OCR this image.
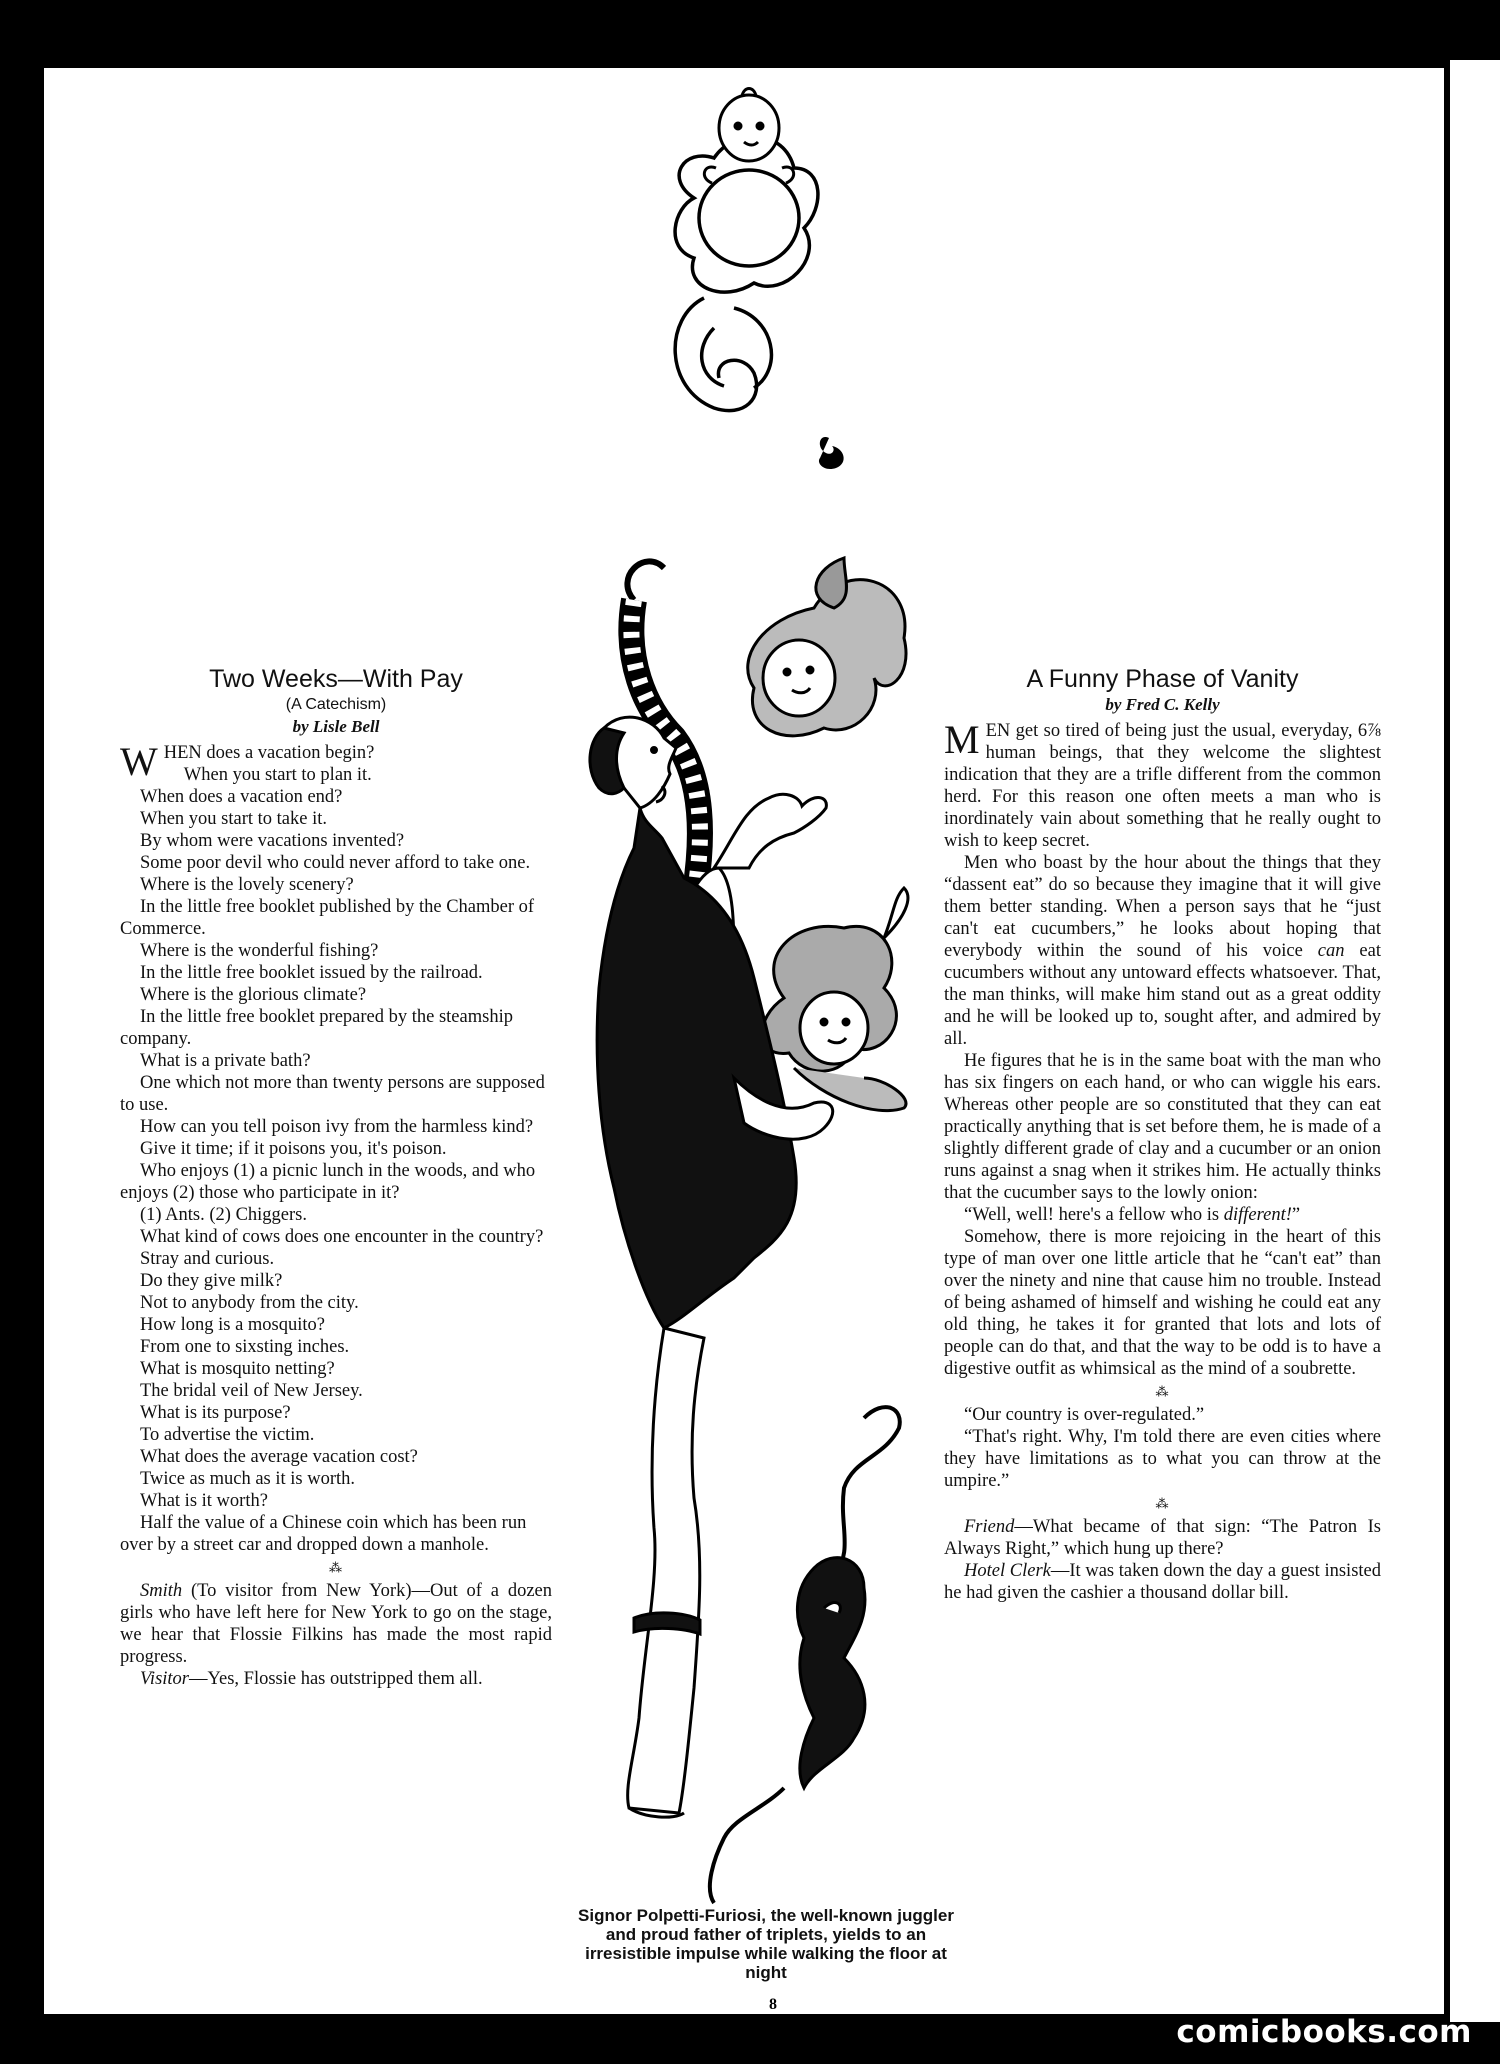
Two Weeks—With Pay

(A Catechism)

by Lisle Bell

W HEN does a vacation begin?
When you start to plan it.
When does a vacation end?
When you start to take it.
By whom were vacations invented?
Some poor devil who could never afford to take one.
Where is the lovely scenery?
In the little free booklet published by the Chamber of Commerce.
Where is the wonderful fishing?
In the little free booklet issued by the railroad.
Where is the glorious climate?
In the little free booklet prepared by the steamship company.
What is a private bath?
One which not more than twenty persons are supposed to use.
How can you tell poison ivy from the harmless kind?
Give it time; if it poisons you, it's poison.
Who enjoys (1) a picnic lunch in the woods, and who enjoys (2) those who participate in it?
(1) Ants. (2) Chiggers.
What kind of cows does one encounter in the country?
Stray and curious.
Do they give milk?
Not to anybody from the city.
How long is a mosquito?
From one to sixsting inches.
What is mosquito netting?
The bridal veil of New Jersey.
What is its purpose?
To advertise the victim.
What does the average vacation cost?
Twice as much as it is worth.
What is it worth?
Half the value of a Chinese coin which has been run over by a street car and dropped down a manhole.
⁂

Smith (To visitor from New York)—Out of a dozen girls who have left here for New York to go on the stage, we hear that Flossie Filkins has made the most rapid progress.

Visitor—Yes, Flossie has outstripped them all.

A Funny Phase of Vanity

by Fred C. Kelly

MEN get so tired of being just the usual, everyday, 6⅞ human beings, that they welcome the slightest indication that they are a trifle different from the common herd. For this reason one often meets a man who is inordinately vain about something that he really ought to wish to keep secret.

Men who boast by the hour about the things that they “dassent eat” do so because they imagine that it will give them better standing. When a person says that he “just can't eat cucumbers,” he looks about hoping that everybody within the sound of his voice can eat cucumbers without any untoward effects whatsoever. That, the man thinks, will make him stand out as a great oddity and he will be looked up to, sought after, and admired by all.

He figures that he is in the same boat with the man who has six fingers on each hand, or who can wiggle his ears. Whereas other people are so constituted that they can eat practically anything that is set before them, he is made of a slightly different grade of clay and a cucumber or an onion runs against a snag when it strikes him. He actually thinks that the cucumber says to the lowly onion:

“Well, well! here's a fellow who is different!”

Somehow, there is more rejoicing in the heart of this type of man over one little article that he “can't eat” than over the ninety and nine that cause him no trouble. Instead of being ashamed of himself and wishing he could eat any old thing, he takes it for granted that lots and lots of people can do that, and that the way to be odd is to have a digestive outfit as whimsical as the mind of a soubrette.

⁂

“Our country is over-regulated.”

“That's right. Why, I'm told there are even cities where they have limitations as to what you can throw at the umpire.”

⁂

Friend—What became of that sign: “The Patron Is Always Right,” which hung up there?

Hotel Clerk—It was taken down the day a guest insisted he had given the cashier a thousand dollar bill.

Signor Polpetti-Furiosi, the well-known juggler and proud father of triplets, yields to an irresistible impulse while walking the floor at night
8
comicbooks.com
